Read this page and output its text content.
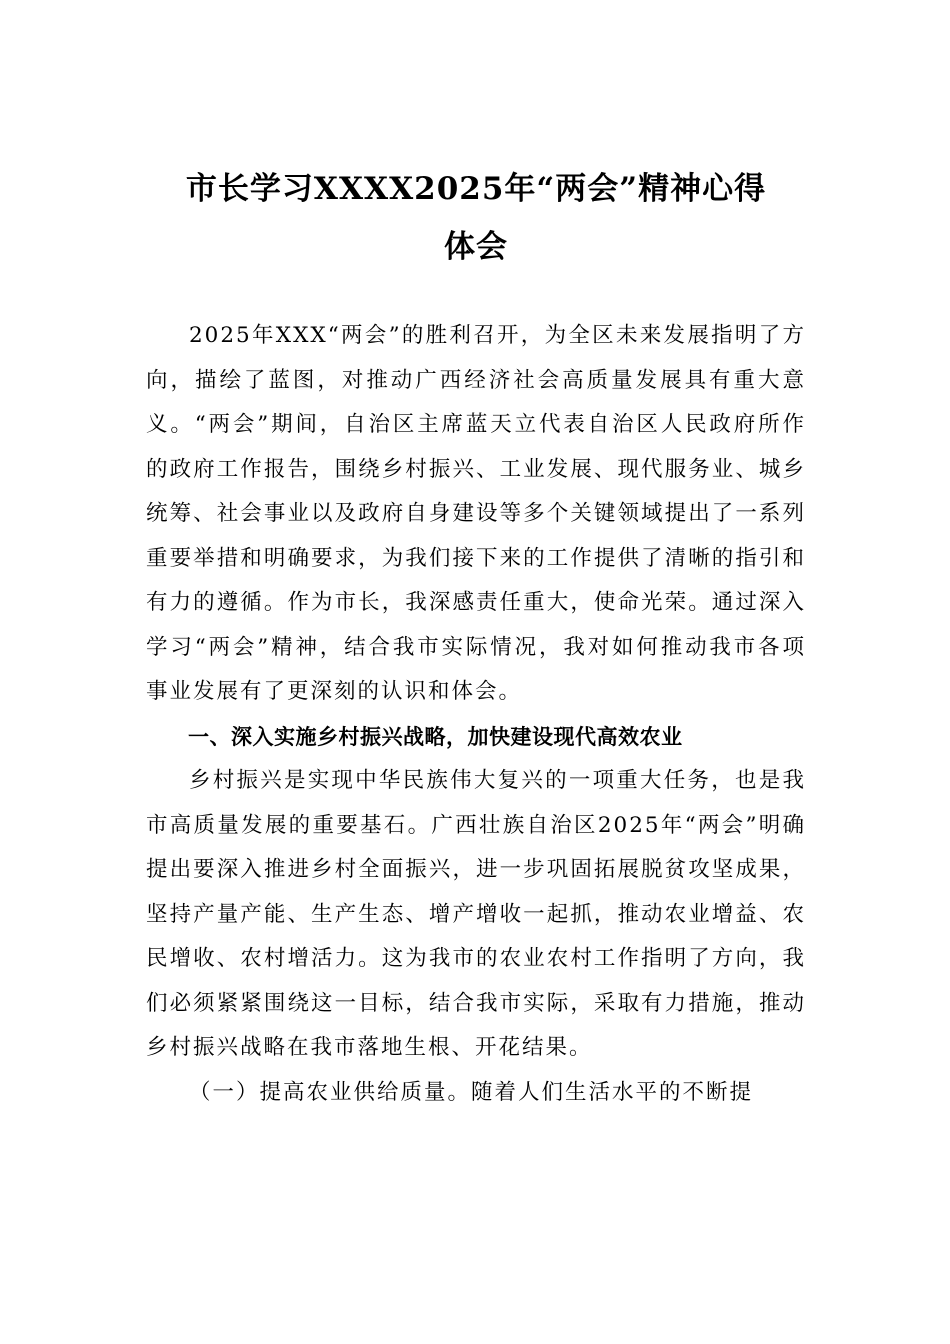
市长学习XXXX2025年“两会”精神心得
体会

2025年XXX“两会”的胜利召开，为全区未来发展指明了方向，描绘了蓝图，对推动广西经济社会高质量发展具有重大意义。“两会”期间，自治区主席蓝天立代表自治区人民政府所作的政府工作报告，围绕乡村振兴、工业发展、现代服务业、城乡统筹、社会事业以及政府自身建设等多个关键领域提出了一系列重要举措和明确要求，为我们接下来的工作提供了清晰的指引和有力的遵循。作为市长，我深感责任重大，使命光荣。通过深入学习“两会”精神，结合我市实际情况，我对如何推动我市各项事业发展有了更深刻的认识和体会。

一、深入实施乡村振兴战略，加快建设现代高效农业

乡村振兴是实现中华民族伟大复兴的一项重大任务，也是我市高质量发展的重要基石。广西壮族自治区2025年“两会”明确提出要深入推进乡村全面振兴，进一步巩固拓展脱贫攻坚成果，坚持产量产能、生产生态、增产增收一起抓，推动农业增益、农民增收、农村增活力。这为我市的农业农村工作指明了方向，我们必须紧紧围绕这一目标，结合我市实际，采取有力措施，推动乡村振兴战略在我市落地生根、开花结果。

（一）提高农业供给质量。随着人们生活水平的不断提
